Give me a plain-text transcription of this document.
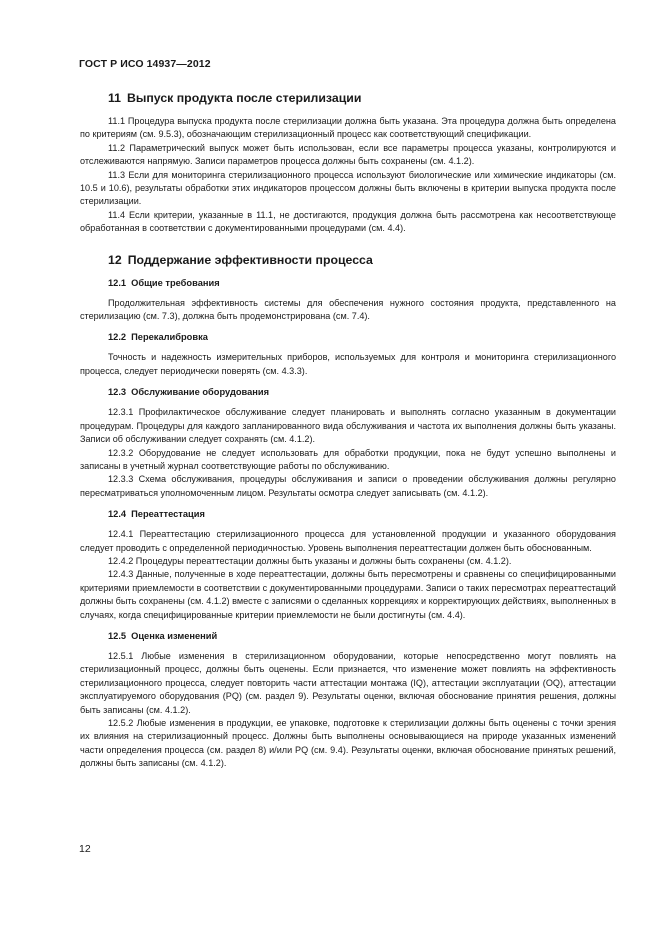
ГОСТ Р ИСО 14937—2012
11 Выпуск продукта после стерилизации

11.1 Процедура выпуска продукта после стерилизации должна быть указана. Эта процедура должна быть определена по критериям (см. 9.5.3), обозначающим стерилизационный процесс как соответствующий спецификации.

11.2 Параметрический выпуск может быть использован, если все параметры процесса указаны, контролируются и отслеживаются напрямую. Записи параметров процесса должны быть сохранены (см. 4.1.2).

11.3 Если для мониторинга стерилизационного процесса используют биологические или химические индикаторы (см. 10.5 и 10.6), результаты обработки этих индикаторов процессом должны быть включены в критерии выпуска продукта после стерилизации.

11.4 Если критерии, указанные в 11.1, не достигаются, продукция должна быть рассмотрена как несоответствующе обработанная в соответствии с документированными процедурами (см. 4.4).

12 Поддержание эффективности процесса
12.1 Общие требования

Продолжительная эффективность системы для обеспечения нужного состояния продукта, представленного на стерилизацию (см. 7.3), должна быть продемонстрирована (см. 7.4).

12.2 Перекалибровка

Точность и надежность измерительных приборов, используемых для контроля и мониторинга стерилизационного процесса, следует периодически поверять (см. 4.3.3).

12.3 Обслуживание оборудования

12.3.1 Профилактическое обслуживание следует планировать и выполнять согласно указанным в документации процедурам. Процедуры для каждого запланированного вида обслуживания и частота их выполнения должны быть указаны. Записи об обслуживании следует сохранять (см. 4.1.2).

12.3.2 Оборудование не следует использовать для обработки продукции, пока не будут успешно выполнены и записаны в учетный журнал соответствующие работы по обслуживанию.

12.3.3 Схема обслуживания, процедуры обслуживания и записи о проведении обслуживания должны регулярно пересматриваться уполномоченным лицом. Результаты осмотра следует записывать (см. 4.1.2).

12.4 Переаттестация

12.4.1 Переаттестацию стерилизационного процесса для установленной продукции и указанного оборудования следует проводить с определенной периодичностью. Уровень выполнения переаттестации должен быть обоснованным.

12.4.2 Процедуры переаттестации должны быть указаны и должны быть сохранены (см. 4.1.2).

12.4.3 Данные, полученные в ходе переаттестации, должны быть пересмотрены и сравнены со специфицированными критериями приемлемости в соответствии с документированными процедурами. Записи о таких пересмотрах переаттестаций должны быть сохранены (см. 4.1.2) вместе с записями о сделанных коррекциях и корректирующих действиях, выполненных в случаях, когда специфицированные критерии приемлемости не были достигнуты (см. 4.4).

12.5 Оценка изменений

12.5.1 Любые изменения в стерилизационном оборудовании, которые непосредственно могут повлиять на стерилизационный процесс, должны быть оценены. Если признается, что изменение может повлиять на эффективность стерилизационного процесса, следует повторить части аттестации монтажа (IQ), аттестации эксплуатации (OQ), аттестации эксплуатируемого оборудования (PQ) (см. раздел 9). Результаты оценки, включая обоснование принятия решения, должны быть записаны (см. 4.1.2).

12.5.2 Любые изменения в продукции, ее упаковке, подготовке к стерилизации должны быть оценены с точки зрения их влияния на стерилизационный процесс. Должны быть выполнены основывающиеся на природе указанных изменений части определения процесса (см. раздел 8) и/или PQ (см. 9.4). Результаты оценки, включая обоснование принятых решений, должны быть записаны (см. 4.1.2).

12
